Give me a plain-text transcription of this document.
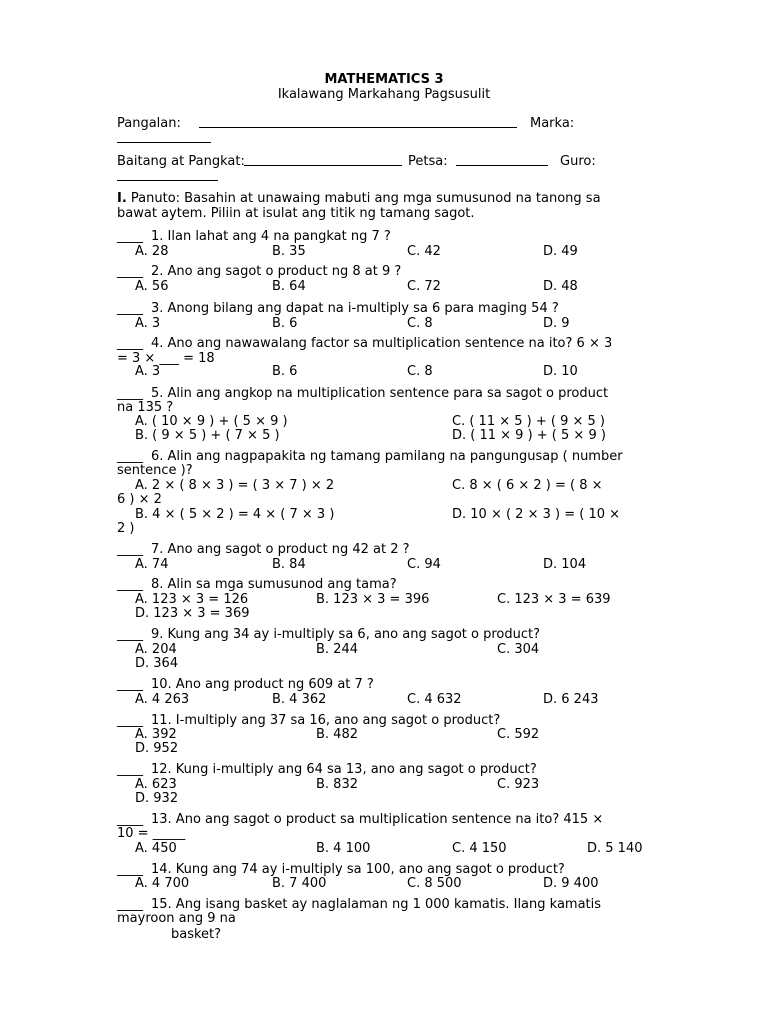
MATHEMATICS 3
Ikalawang Markahang Pagsusulit
Pangalan:	Marka:
Baitang at Pangkat:	Petsa:	Guro:
I. Panuto: Basahin at unawaing mabuti ang mga sumusunod na tanong sa
bawat aytem. Piliin at isulat ang titik ng tamang sagot.
____ 1. Ilan lahat ang 4 na pangkat ng 7 ?
A. 28	B. 35	C. 42	D. 49
____ 2. Ano ang sagot o product ng 8 at 9 ?
A. 56	B. 64	C. 72	D. 48
____ 3. Anong bilang ang dapat na i-multiply sa 6 para maging 54 ?
A. 3	B. 6	C. 8	D. 9
____ 4. Ano ang nawawalang factor sa multiplication sentence na ito? 6 × 3
= 3 × ___ = 18
A. 3	B. 6	C. 8	D. 10
____ 5. Alin ang angkop na multiplication sentence para sa sagot o product
na 135 ?
A. ( 10 × 9 ) + ( 5 × 9 )	C. ( 11 × 5 ) + ( 9 × 5 )
B. ( 9 × 5 ) + ( 7 × 5 )	D. ( 11 × 9 ) + ( 5 × 9 )
____ 6. Alin ang nagpapakita ng tamang pamilang na pangungusap ( number
sentence )?
A. 2 × ( 8 × 3 ) = ( 3 × 7 ) × 2	C. 8 × ( 6 × 2 ) = ( 8 ×
6 ) × 2
B. 4 × ( 5 × 2 ) = 4 × ( 7 × 3 )	D. 10 × ( 2 × 3 ) = ( 10 ×
2 )
____ 7. Ano ang sagot o product ng 42 at 2 ?
A. 74	B. 84	C. 94	D. 104
____ 8. Alin sa mga sumusunod ang tama?
A. 123 × 3 = 126	B. 123 × 3 = 396	C. 123 × 3 = 639
D. 123 × 3 = 369
____ 9. Kung ang 34 ay i-multiply sa 6, ano ang sagot o product?
A. 204	B. 244	C. 304
D. 364
____ 10. Ano ang product ng 609 at 7 ?
A. 4 263	B. 4 362	C. 4 632	D. 6 243
____ 11. I-multiply ang 37 sa 16, ano ang sagot o product?
A. 392	B. 482	C. 592
D. 952
____ 12. Kung i-multiply ang 64 sa 13, ano ang sagot o product?
A. 623	B. 832	C. 923
D. 932
____ 13. Ano ang sagot o product sa multiplication sentence na ito? 415 ×
10 = _____
A. 450	B. 4 100	C. 4 150	D. 5 140
____ 14. Kung ang 74 ay i-multiply sa 100, ano ang sagot o product?
A. 4 700	B. 7 400	C. 8 500	D. 9 400
____ 15. Ang isang basket ay naglalaman ng 1 000 kamatis. Ilang kamatis
mayroon ang 9 na
basket?
